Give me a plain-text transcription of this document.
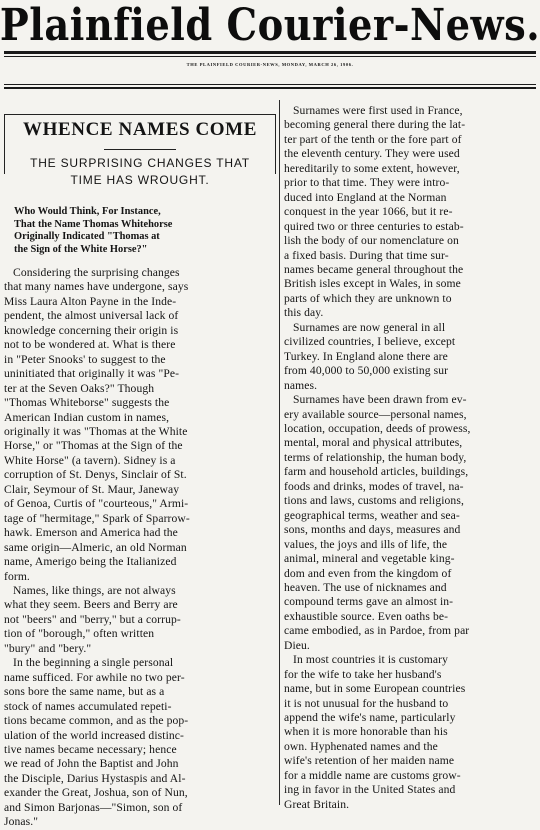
Plainfield Courier-News.
THE PLAINFIELD COURIER-NEWS, MONDAY, MARCH 26, 1906.
WHENCE NAMES COME
THE SURPRISING CHANGES THAT
TIME HAS WROUGHT.
Who Would Think, For Instance,
That the Name Thomas Whitehorse
Originally Indicated "Thomas at
the Sign of the White Horse?"
Considering the surprising changes
that many names have undergone, says
Miss Laura Alton Payne in the Inde-
pendent, the almost universal lack of
knowledge concerning their origin is
not to be wondered at. What is there
in "Peter Snooks' to suggest to the
uninitiated that originally it was "Pe-
ter at the Seven Oaks?" Though
"Thomas Whiteborse" suggests the
American Indian custom in names,
originally it was "Thomas at the White
Horse," or "Thomas at the Sign of the
White Horse" (a tavern). Sidney is a
corruption of St. Denys, Sinclair of St.
Clair, Seymour of St. Maur, Janeway
of Genoa, Curtis of "courteous," Armi-
tage of "hermitage," Spark of Sparrow-
hawk. Emerson and America had the
same origin—Almeric, an old Norman
name, Amerigo being the Italianized
form.
Names, like things, are not always
what they seem. Beers and Berry are
not "beers" and "berry," but a corrup-
tion of "borough," often written
"bury" and "bery."
In the beginning a single personal
name sufficed. For awhile no two per-
sons bore the same name, but as a
stock of names accumulated repeti-
tions became common, and as the pop-
ulation of the world increased distinc-
tive names became necessary; hence
we read of John the Baptist and John
the Disciple, Darius Hystaspis and Al-
exander the Great, Joshua, son of Nun,
and Simon Barjonas—"Simon, son of
Jonas."
Surnames were first used in France,
becoming general there during the lat-
ter part of the tenth or the fore part of
the eleventh century. They were used
hereditarily to some extent, however,
prior to that time. They were intro-
duced into England at the Norman
conquest in the year 1066, but it re-
quired two or three centuries to estab-
lish the body of our nomenclature on
a fixed basis. During that time sur-
names became general throughout the
British isles except in Wales, in some
parts of which they are unknown to
this day.
Surnames are now general in all
civilized countries, I believe, except
Turkey. In England alone there are
from 40,000 to 50,000 existing sur
names.
Surnames have been drawn from ev-
ery available source—personal names,
location, occupation, deeds of prowess,
mental, moral and physical attributes,
terms of relationship, the human body,
farm and household articles, buildings,
foods and drinks, modes of travel, na-
tions and laws, customs and religions,
geographical terms, weather and sea-
sons, months and days, measures and
values, the joys and ills of life, the
animal, mineral and vegetable king-
dom and even from the kingdom of
heaven. The use of nicknames and
compound terms gave an almost in-
exhaustible source. Even oaths be-
came embodied, as in Pardoe, from par
Dieu.
In most countries it is customary
for the wife to take her husband's
name, but in some European countries
it is not unusual for the husband to
append the wife's name, particularly
when it is more honorable than his
own. Hyphenated names and the
wife's retention of her maiden name
for a middle name are customs grow-
ing in favor in the United States and
Great Britain.
